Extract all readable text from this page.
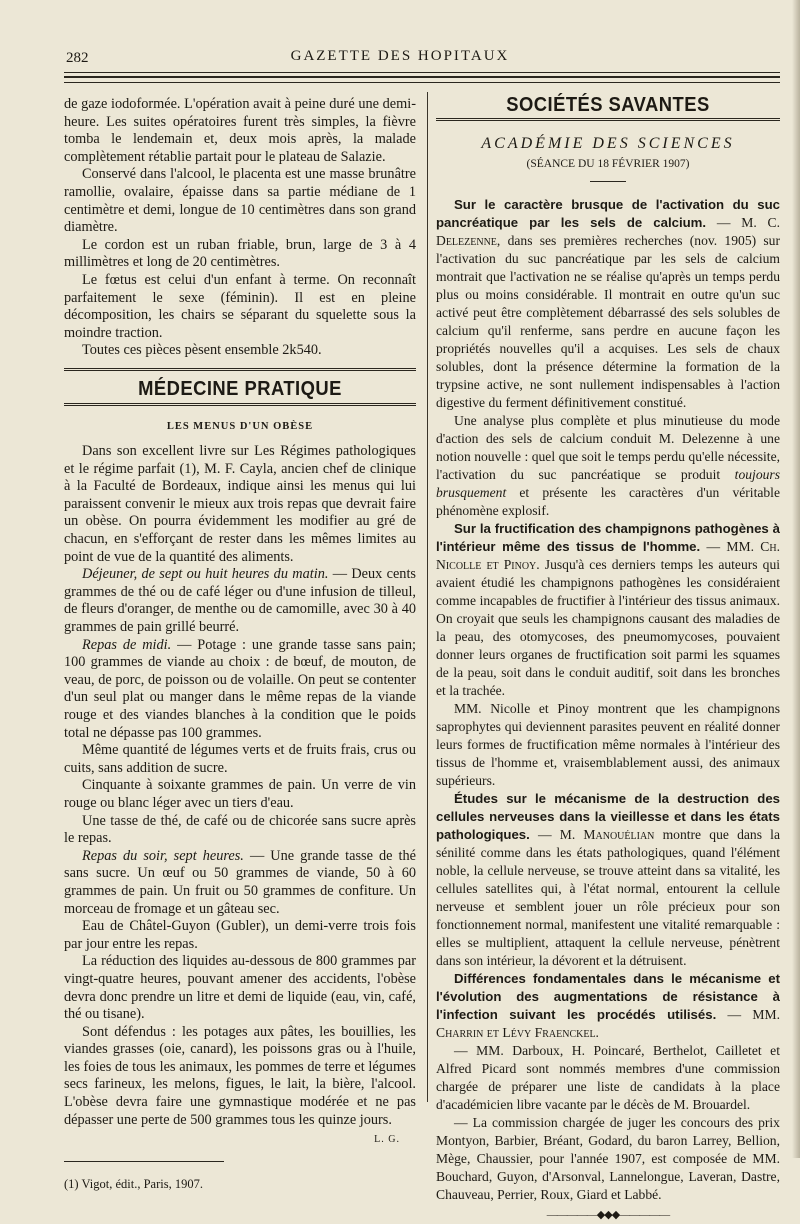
282	GAZETTE DES HOPITAUX

de gaze iodoformée. L'opération avait à peine duré une demi-heure. Les suites opératoires furent très simples, la fièvre tomba le lendemain et, deux mois après, la malade complètement rétablie partait pour le plateau de Salazie.

Conservé dans l'alcool, le placenta est une masse brunâtre ramollie, ovalaire, épaisse dans sa partie médiane de 1 centimètre et demi, longue de 10 centimètres dans son grand diamètre.

Le cordon est un ruban friable, brun, large de 3 à 4 millimètres et long de 20 centimètres.

Le fœtus est celui d'un enfant à terme. On reconnaît parfaitement le sexe (féminin). Il est en pleine décomposition, les chairs se séparant du squelette sous la moindre traction.

Toutes ces pièces pèsent ensemble 2k540.

MÉDECINE PRATIQUE
LES MENUS D'UN OBÈSE

Dans son excellent livre sur Les Régimes pathologiques et le régime parfait (1), M. F. Cayla, ancien chef de clinique à la Faculté de Bordeaux, indique ainsi les menus qui lui paraissent convenir le mieux aux trois repas que devrait faire un obèse. On pourra évidemment les modifier au gré de chacun, en s'efforçant de rester dans les mêmes limites au point de vue de la quantité des aliments.

Déjeuner, de sept ou huit heures du matin. — Deux cents grammes de thé ou de café léger ou d'une infusion de tilleul, de fleurs d'oranger, de menthe ou de camomille, avec 30 à 40 grammes de pain grillé beurré.

Repas de midi. — Potage : une grande tasse sans pain; 100 grammes de viande au choix : de bœuf, de mouton, de veau, de porc, de poisson ou de volaille. On peut se contenter d'un seul plat ou manger dans le même repas de la viande rouge et des viandes blanches à la condition que le poids total ne dépasse pas 100 grammes.

Même quantité de légumes verts et de fruits frais, crus ou cuits, sans addition de sucre.

Cinquante à soixante grammes de pain. Un verre de vin rouge ou blanc léger avec un tiers d'eau.

Une tasse de thé, de café ou de chicorée sans sucre après le repas.

Repas du soir, sept heures. — Une grande tasse de thé sans sucre. Un œuf ou 50 grammes de viande, 50 à 60 grammes de pain. Un fruit ou 50 grammes de confiture. Un morceau de fromage et un gâteau sec.

Eau de Châtel-Guyon (Gubler), un demi-verre trois fois par jour entre les repas.

La réduction des liquides au-dessous de 800 grammes par vingt-quatre heures, pouvant amener des accidents, l'obèse devra donc prendre un litre et demi de liquide (eau, vin, café, thé ou tisane).

Sont défendus : les potages aux pâtes, les bouillies, les viandes grasses (oie, canard), les poissons gras ou à l'huile, les foies de tous les animaux, les pommes de terre et légumes secs farineux, les melons, figues, le lait, la bière, l'alcool. L'obèse devra faire une gymnastique modérée et ne pas dépasser une perte de 500 grammes tous les quinze jours.

L. G.

(1) Vigot, édit., Paris, 1907.

SOCIÉTÉS SAVANTES
ACADÉMIE DES SCIENCES
(SÉANCE DU 18 FÉVRIER 1907)

Sur le caractère brusque de l'activation du suc pancréatique par les sels de calcium. — M. C. Delezenne, dans ses premières recherches (nov. 1905) sur l'activation du suc pancréatique par les sels de calcium montrait que l'activation ne se réalise qu'après un temps perdu plus ou moins considérable. Il montrait en outre qu'un suc activé peut être complètement débarrassé des sels solubles de calcium qu'il renferme, sans perdre en aucune façon les propriétés nouvelles qu'il a acquises. Les sels de chaux solubles, dont la présence détermine la formation de la trypsine active, ne sont nullement indispensables à l'action digestive du ferment définitivement constitué.

Une analyse plus complète et plus minutieuse du mode d'action des sels de calcium conduit M. Delezenne à une notion nouvelle : quel que soit le temps perdu qu'elle nécessite, l'activation du suc pancréatique se produit toujours brusquement et présente les caractères d'un véritable phénomène explosif.

Sur la fructification des champignons pathogènes à l'intérieur même des tissus de l'homme. — MM. Ch. Nicolle et Pinoy. Jusqu'à ces derniers temps les auteurs qui avaient étudié les champignons pathogènes les considéraient comme incapables de fructifier à l'intérieur des tissus animaux. On croyait que seuls les champignons causant des maladies de la peau, des otomycoses, des pneumomycoses, pouvaient donner leurs organes de fructification soit parmi les squames de la peau, soit dans le conduit auditif, soit dans les bronches et la trachée.

MM. Nicolle et Pinoy montrent que les champignons saprophytes qui deviennent parasites peuvent en réalité donner leurs formes de fructification même normales à l'intérieur des tissus de l'homme et, vraisemblablement aussi, des animaux supérieurs.

Études sur le mécanisme de la destruction des cellules nerveuses dans la vieillesse et dans les états pathologiques. — M. Manouélian montre que dans la sénilité comme dans les états pathologiques, quand l'élément noble, la cellule nerveuse, se trouve atteint dans sa vitalité, les cellules satellites qui, à l'état normal, entourent la cellule nerveuse et semblent jouer un rôle précieux pour son fonctionnement normal, manifestent une vitalité remarquable : elles se multiplient, attaquent la cellule nerveuse, pénètrent dans son intérieur, la dévorent et la détruisent.

Différences fondamentales dans le mécanisme et l'évolution des augmentations de résistance à l'infection suivant les procédés utilisés. — MM. Charrin et Lévy Fraenckel.

— MM. Darboux, H. Poincaré, Berthelot, Cailletet et Alfred Picard sont nommés membres d'une commission chargée de préparer une liste de candidats à la place d'académicien libre vacante par le décès de M. Brouardel.

— La commission chargée de juger les concours des prix Montyon, Barbier, Bréant, Godard, du baron Larrey, Bellion, Mège, Chaussier, pour l'année 1907, est composée de MM. Bouchard, Guyon, d'Arsonval, Lannelongue, Laveran, Dastre, Chauveau, Perrier, Roux, Giard et Labbé.

—————◆◆◆—————
